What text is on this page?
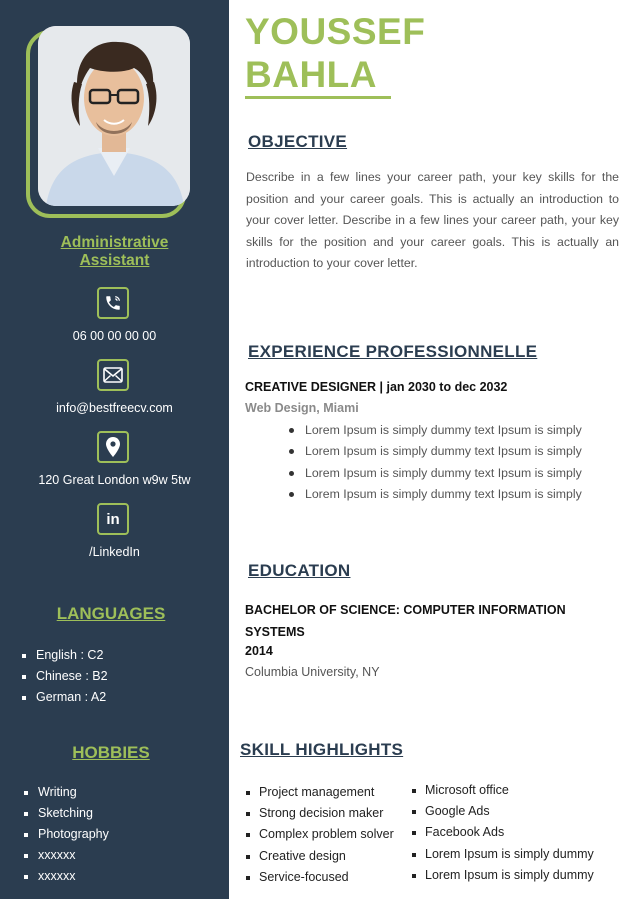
Administrative
Assistant
06 00 00 00 00
info@bestfreecv.com
120 Great London w9w 5tw
in
/LinkedIn
LANGUAGES
English : C2
Chinese : B2
German : A2
HOBBIES
Writing
Sketching
Photography
xxxxxx
xxxxxx
YOUSSEF
BAHLA
OBJECTIVE

Describe in a few lines your career path, your key skills for the position and your career goals. This is actually an introduction to your cover letter. Describe in a few lines your career path, your key skills for the position and your career goals. This is actually an introduction to your cover letter.

EXPERIENCE PROFESSIONNELLE
CREATIVE DESIGNER | jan 2030 to dec 2032
Web Design, Miami
Lorem Ipsum is simply dummy text Ipsum is simply
Lorem Ipsum is simply dummy text Ipsum is simply
Lorem Ipsum is simply dummy text Ipsum is simply
Lorem Ipsum is simply dummy text Ipsum is simply
EDUCATION

BACHELOR OF SCIENCE: COMPUTER INFORMATION SYSTEMS

2014
Columbia University, NY
SKILL HIGHLIGHTS
Project management
Strong decision maker
Complex problem solver
Creative design
Service-focused
Microsoft office
Google Ads
Facebook Ads
Lorem Ipsum is simply dummy
Lorem Ipsum is simply dummy
